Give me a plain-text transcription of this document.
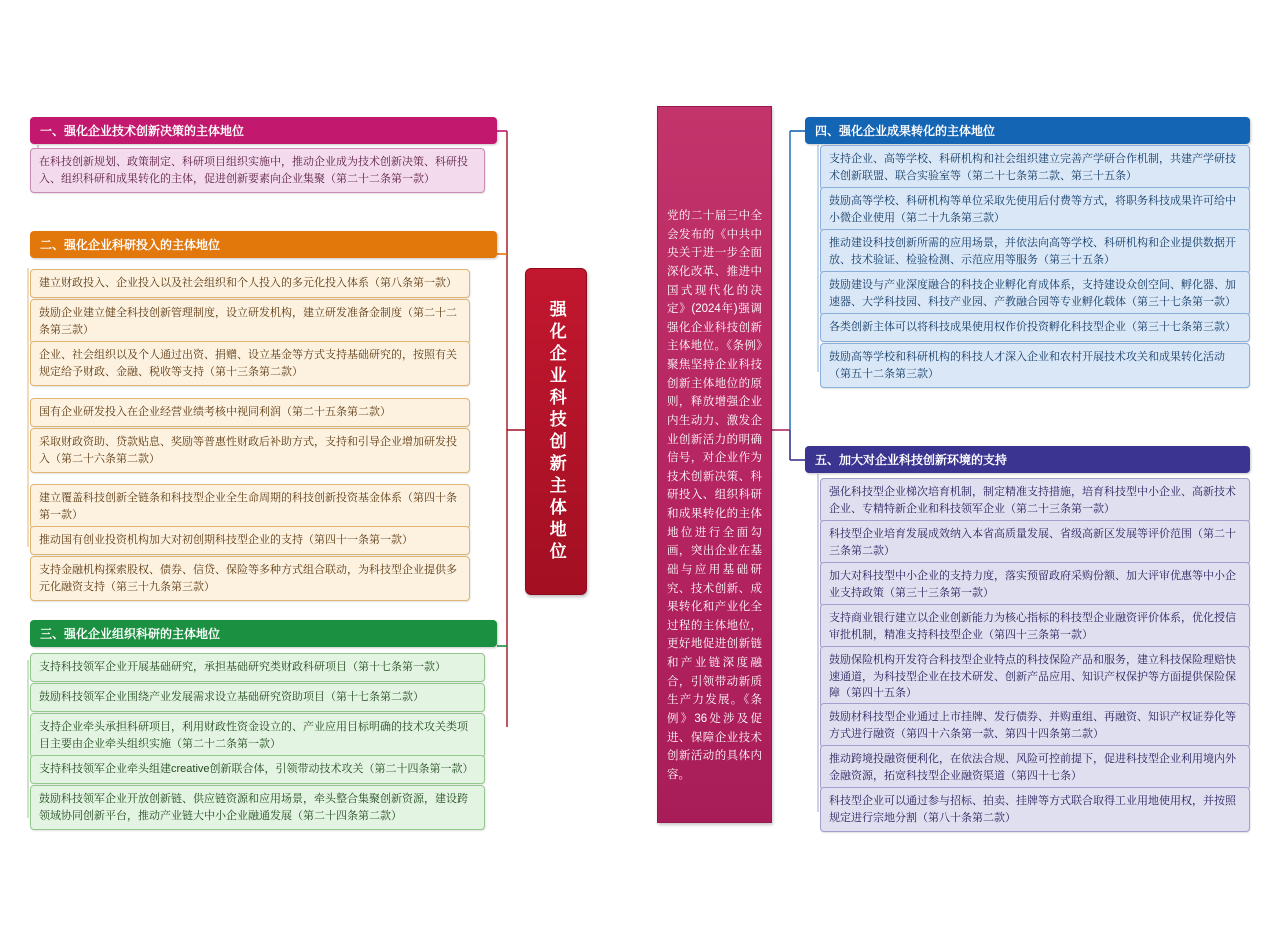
强化企业科技创新主体地位

党的二十届三中全会发布的《中共中央关于进一步全面深化改革、推进中国式现代化的决定》(2024年)强调强化企业科技创新主体地位。《条例》聚焦坚持企业科技创新主体地位的原则，释放增强企业内生动力、激发企业创新活力的明确信号，对企业作为技术创新决策、科研投入、组织科研和成果转化的主体地位进行全面勾画，突出企业在基础与应用基础研究、技术创新、成果转化和产业化全过程的主体地位，更好地促进创新链和产业链深度融合，引领带动新质生产力发展。《条例》36处涉及促进、保障企业技术创新活动的具体内容。

一、强化企业技术创新决策的主体地位
在科技创新规划、政策制定、科研项目组织实施中，推动企业成为技术创新决策、科研投入、组织科研和成果转化的主体，促进创新要素向企业集聚（第二十二条第一款）
二、强化企业科研投入的主体地位
建立财政投入、企业投入以及社会组织和个人投入的多元化投入体系（第八条第一款）
鼓励企业建立健全科技创新管理制度，设立研发机构，建立研发准备金制度（第二十二条第三款）
企业、社会组织以及个人通过出资、捐赠、设立基金等方式支持基础研究的，按照有关规定给予财政、金融、税收等支持（第十三条第二款）
国有企业研发投入在企业经营业绩考核中视同利润（第二十五条第二款）
采取财政资助、贷款贴息、奖励等普惠性财政后补助方式，支持和引导企业增加研发投入（第二十六条第二款）
建立覆盖科技创新全链条和科技型企业全生命周期的科技创新投资基金体系（第四十条第一款）
推动国有创业投资机构加大对初创期科技型企业的支持（第四十一条第一款）
支持金融机构探索股权、债券、信贷、保险等多种方式组合联动，为科技型企业提供多元化融资支持（第三十九条第三款）
三、强化企业组织科研的主体地位
支持科技领军企业开展基础研究，承担基础研究类财政科研项目（第十七条第一款）
鼓励科技领军企业围绕产业发展需求设立基础研究资助项目（第十七条第二款）
支持企业牵头承担科研项目，利用财政性资金设立的、产业应用目标明确的技术攻关类项目主要由企业牵头组织实施（第二十二条第一款）
支持科技领军企业牵头组建creative创新联合体，引领带动技术攻关（第二十四条第一款）
鼓励科技领军企业开放创新链、供应链资源和应用场景，牵头整合集聚创新资源，建设跨领域协同创新平台，推动产业链大中小企业融通发展（第二十四条第二款）
四、强化企业成果转化的主体地位
支持企业、高等学校、科研机构和社会组织建立完善产学研合作机制，共建产学研技术创新联盟、联合实验室等（第二十七条第二款、第三十五条）
鼓励高等学校、科研机构等单位采取先使用后付费等方式，将职务科技成果许可给中小微企业使用（第二十九条第三款）
推动建设科技创新所需的应用场景，并依法向高等学校、科研机构和企业提供数据开放、技术验证、检验检测、示范应用等服务（第三十五条）
鼓励建设与产业深度融合的科技企业孵化育成体系，支持建设众创空间、孵化器、加速器、大学科技园、科技产业园、产教融合园等专业孵化载体（第三十七条第一款）
各类创新主体可以将科技成果使用权作价投资孵化科技型企业（第三十七条第三款）
鼓励高等学校和科研机构的科技人才深入企业和农村开展技术攻关和成果转化活动（第五十二条第三款）
五、加大对企业科技创新环境的支持
强化科技型企业梯次培育机制，制定精准支持措施，培育科技型中小企业、高新技术企业、专精特新企业和科技领军企业（第二十三条第一款）
科技型企业培育发展成效纳入本省高质量发展、省级高新区发展等评价范围（第二十三条第二款）
加大对科技型中小企业的支持力度，落实预留政府采购份额、加大评审优惠等中小企业支持政策（第三十三条第一款）
支持商业银行建立以企业创新能力为核心指标的科技型企业融资评价体系，优化授信审批机制，精准支持科技型企业（第四十三条第一款）
鼓励保险机构开发符合科技型企业特点的科技保险产品和服务，建立科技保险理赔快速通道，为科技型企业在技术研发、创新产品应用、知识产权保护等方面提供保险保障（第四十五条）
鼓励材科技型企业通过上市挂牌、发行债券、并购重组、再融资、知识产权证券化等方式进行融资（第四十六条第一款、第四十四条第二款）
推动跨境投融资便利化，在依法合规、风险可控前提下，促进科技型企业利用境内外金融资源，拓宽科技型企业融资渠道（第四十七条）
科技型企业可以通过参与招标、拍卖、挂牌等方式联合取得工业用地使用权，并按照规定进行宗地分割（第八十条第二款）
